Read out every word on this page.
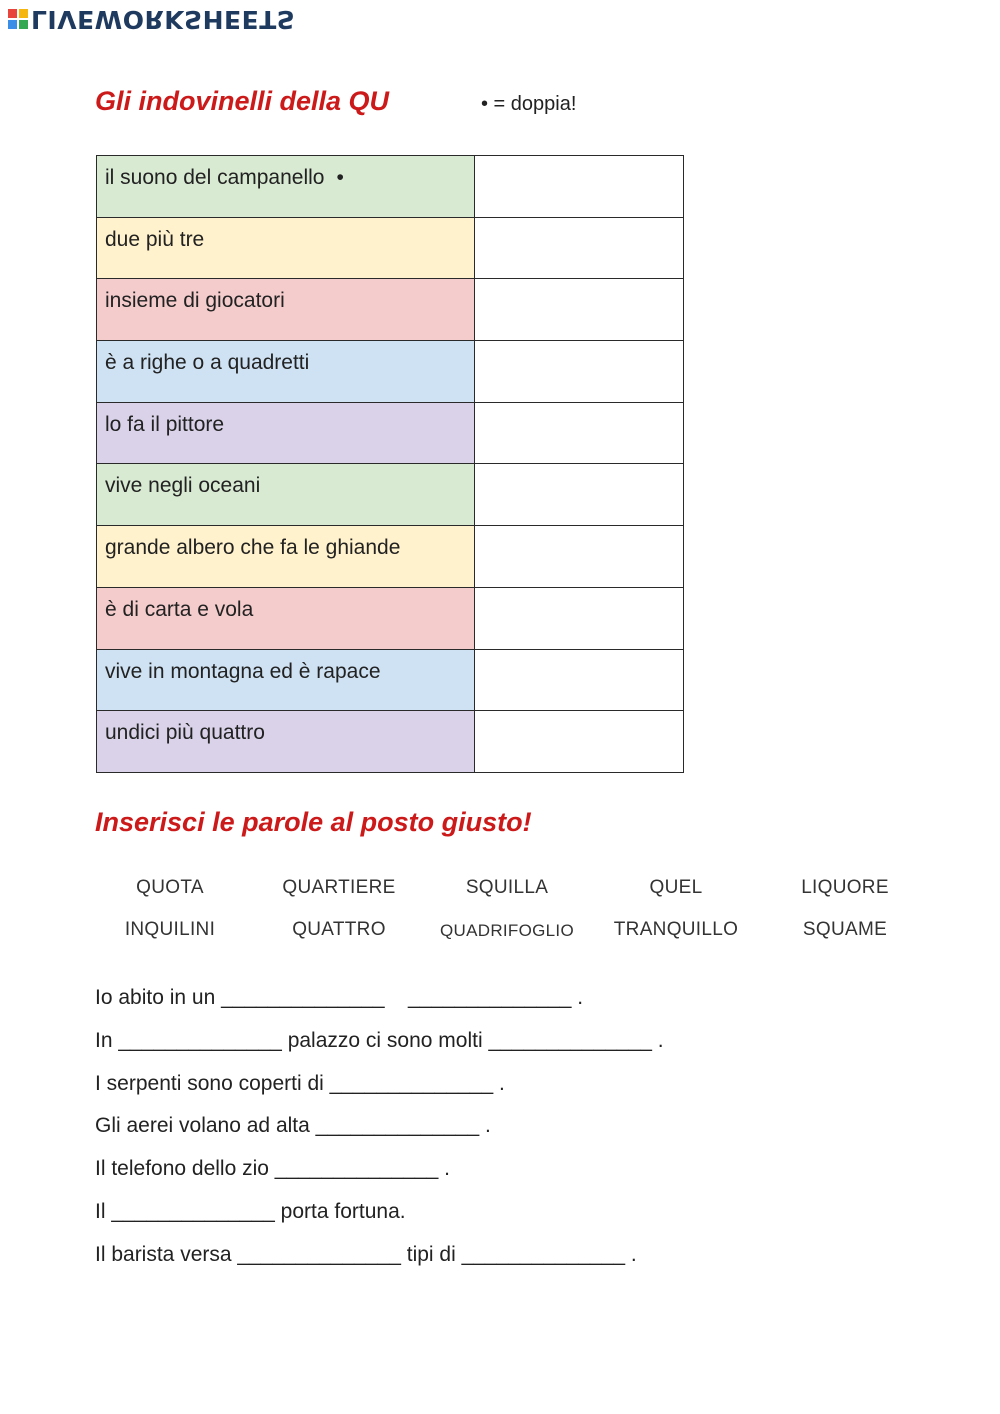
LIVEWORKSHEETS
Gli indovinelli della QU	• = doppia!
il suono del campanello •	
due più tre	
insieme di giocatori	
è a righe o a quadretti	
lo fa il pittore	
vive negli oceani	
grande albero che fa le ghiande	
è di carta e vola	
vive in montagna ed è rapace	
undici più quattro	
Inserisci le parole al posto giusto!
QUOTA	QUARTIERE	SQUILLA	QUEL	LIQUORE
INQUILINI	QUATTRO	QUADRIFOGLIO	TRANQUILLO	SQUAME

Io abito in un ______________    ______________ .

In ______________ palazzo ci sono molti ______________ .

I serpenti sono coperti di ______________ .

Gli aerei volano ad alta ______________ .

Il telefono dello zio ______________ .

Il ______________ porta fortuna.

Il barista versa ______________ tipi di ______________ .
